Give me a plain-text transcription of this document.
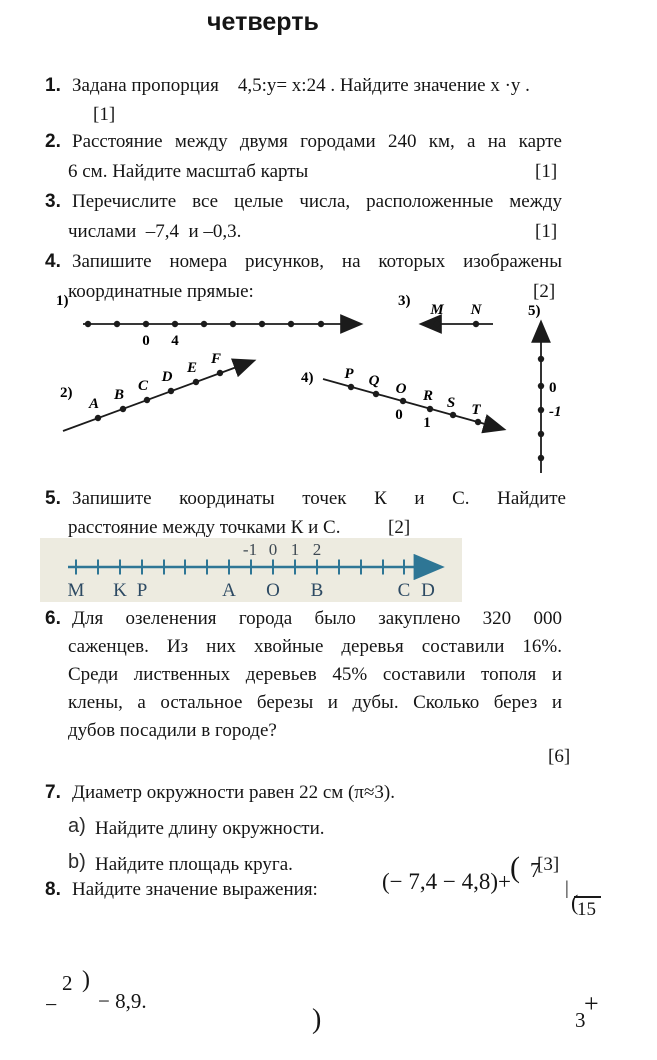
четверть
1. Задана пропорция    4,5:y= x:24 . Найдите значение x ·y .
[1]
2. Расстояние между двумя городами 240 км, а на карте
6 см. Найдите масштаб карты	[1]
3. Перечислите все целые числа, расположенные между
числами  –7,4  и –0,3.	[1]
4. Запишите номера рисунков, на которых изображены
координатные прямые:	[2]
1)
0 4
3)
M N	5)
0
-1
2)
A
B
C
D
E
F
4) P Q O R S T
0 1
5. Запишите координаты точек К и С. Найдите
расстояние между точками К и С.	[2]
-1 0 1 2
M K P	A O B	C D
6. Для озеленения города было закуплено 320 000
саженцев. Из них хвойные деревья составили 16%.
Среди лиственных деревьев 45% составили тополя и
клены, а остальное березы и дубы. Сколько берез и
дубов посадили в городе?
[6]
7. Диаметр окружности равен 22 см (π≈3).
a) Найдите длину окружности.
b) Найдите площадь круга.	[3]
8. Найдите значение выражения:	(− 7,4 − 4,8)+ ( 7
|
(
15
−
2 )
− 8,9.
)
+
3
